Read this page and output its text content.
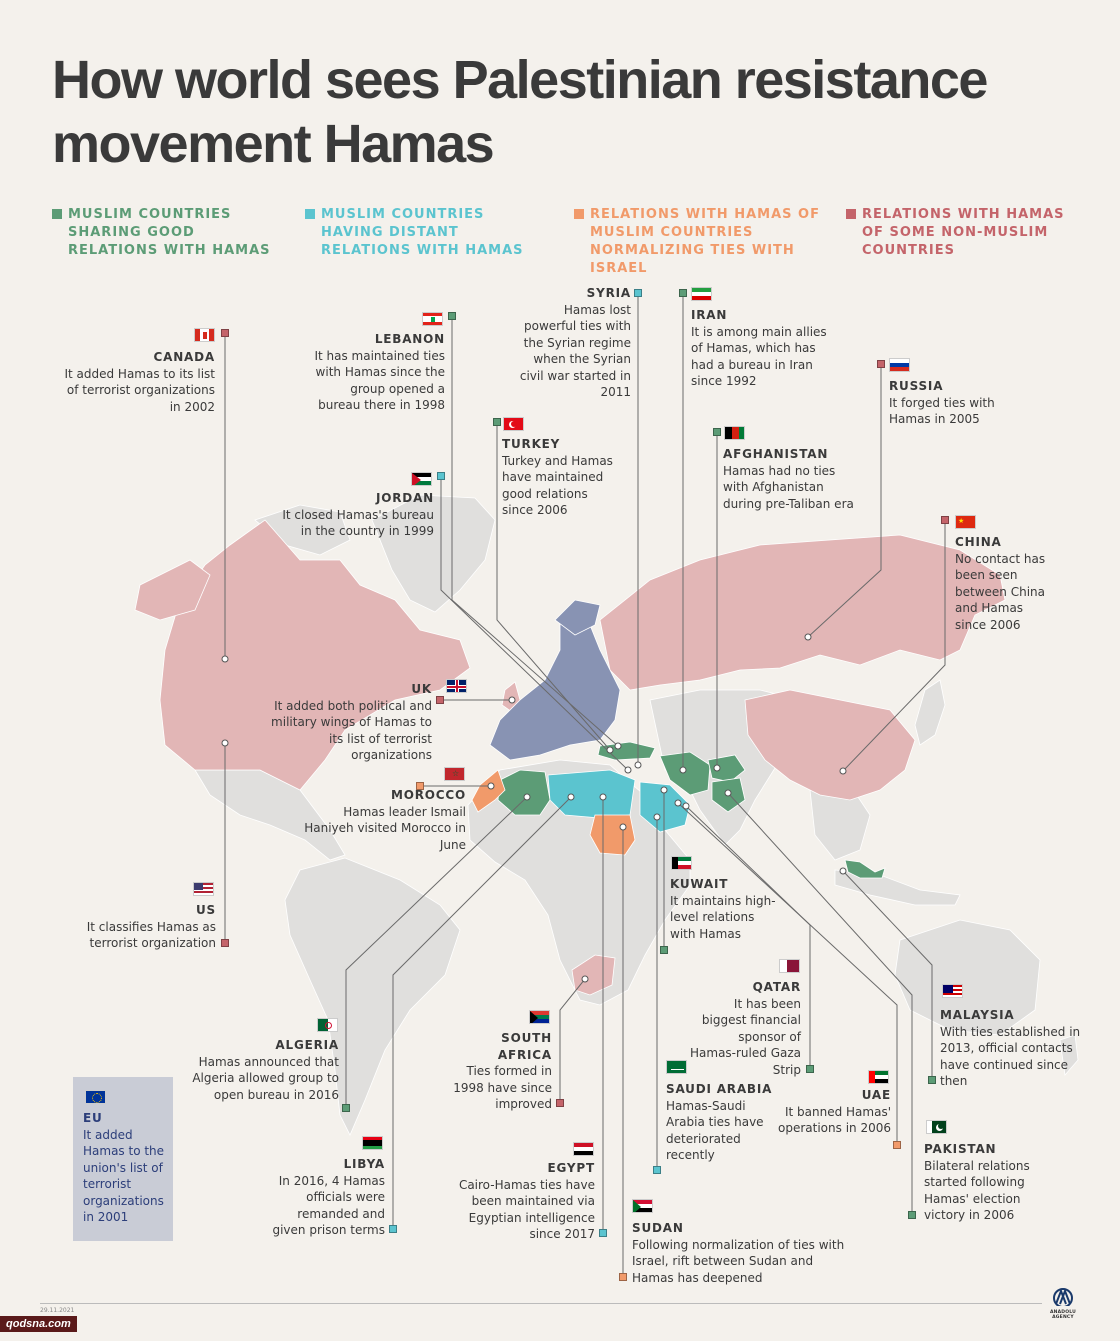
How world sees Palestinian resistance movement Hamas
MUSLIM COUNTRIES SHARING GOOD RELATIONS WITH HAMAS
MUSLIM COUNTRIES HAVING DISTANT RELATIONS WITH HAMAS
RELATIONS WITH HAMAS OF MUSLIM COUNTRIES NORMALIZING TIES WITH ISRAEL
RELATIONS WITH HAMAS OF SOME NON-MUSLIM COUNTRIES
CANADA
It added Hamas to its list of terrorist organizations in 2002
LEBANON
It has maintained ties with Hamas since the group opened a bureau there in 1998
SYRIA
Hamas lost powerful ties with the Syrian regime when the Syrian civil war started in 2011
IRAN
It is among main allies of Hamas, which has had a bureau in Iran since 1992	RUSSIA
It forged ties with Hamas in 2005
TURKEY
Turkey and Hamas have maintained good relations since 2006
AFGHANISTAN
Hamas had no ties with Afghanistan during pre-Taliban era
JORDAN
It closed Hamas's bureau in the country in 1999
★
CHINA
No contact has been seen between China and Hamas since 2006
UK
It added both political and military wings of Hamas to its list of terrorist organizations
☆
MOROCCO
Hamas leader Ismail Haniyeh visited Morocco in June
US
It classifies Hamas as terrorist organization
KUWAIT
It maintains high-level relations with Hamas
QATAR
It has been biggest financial sponsor of Hamas-ruled Gaza Strip
MALAYSIA
With ties established in 2013, official contacts have continued since then
ALGERIA
Hamas announced that Algeria allowed group to open bureau in 2016
SOUTH AFRICA
Ties formed in 1998 have since improved
SAUDI ARABIA
Hamas-Saudi Arabia ties have deteriorated recently
UAE
It banned Hamas' operations in 2006
PAKISTAN
Bilateral relations started following Hamas' election victory in 2006
EU
It added Hamas to the union's list of terrorist organizations in 2001
LIBYA
In 2016, 4 Hamas officials were remanded and given prison terms
EGYPT
Cairo-Hamas ties have been maintained via Egyptian intelligence since 2017	SUDAN
Following normalization of ties with Israel, rift between Sudan and Hamas has deepened
29.11.2021
qodsna.com
ANADOLU AGENCY
